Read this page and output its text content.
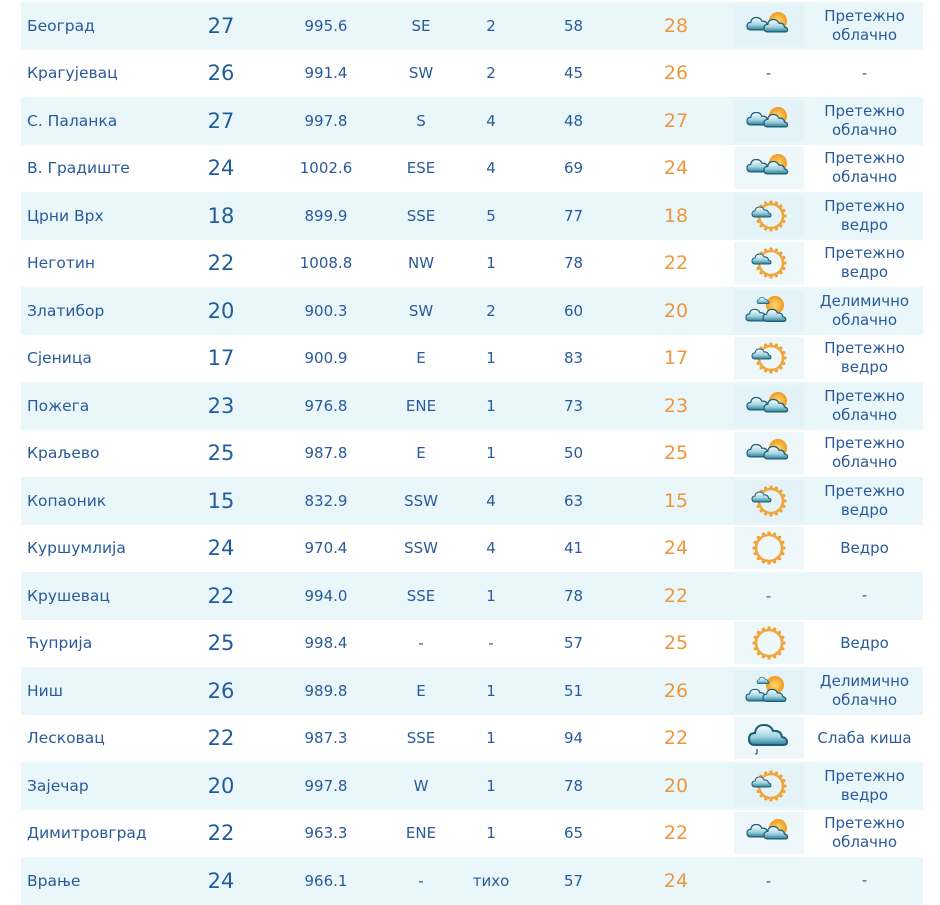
Београд	27	995.6	SE	2	58	28		Претежно
облачно
Крагујевац	26	991.4	SW	2	45	26	-	-
С. Паланка	27	997.8	S	4	48	27		Претежно
облачно
В. Градиште	24	1002.6	ESE	4	69	24		Претежно
облачно
Црни Врх	18	899.9	SSE	5	77	18		Претежно
ведро
Неготин	22	1008.8	NW	1	78	22		Претежно
ведро
Златибор	20	900.3	SW	2	60	20		Делимично
облачно
Сјеница	17	900.9	E	1	83	17		Претежно
ведро
Пожега	23	976.8	ENE	1	73	23		Претежно
облачно
Краљево	25	987.8	E	1	50	25		Претежно
облачно
Копаоник	15	832.9	SSW	4	63	15		Претежно
ведро
Куршумлија	24	970.4	SSW	4	41	24		Ведро
Крушевац	22	994.0	SSE	1	78	22	-	-
Ћуприја	25	998.4	-	-	57	25		Ведро
Ниш	26	989.8	E	1	51	26		Делимично
облачно
Лесковац	22	987.3	SSE	1	94	22		Слаба киша
Зајечар	20	997.8	W	1	78	20		Претежно
ведро
Димитровград	22	963.3	ENE	1	65	22		Претежно
облачно
Врање	24	966.1	-	тихо	57	24	-	-
